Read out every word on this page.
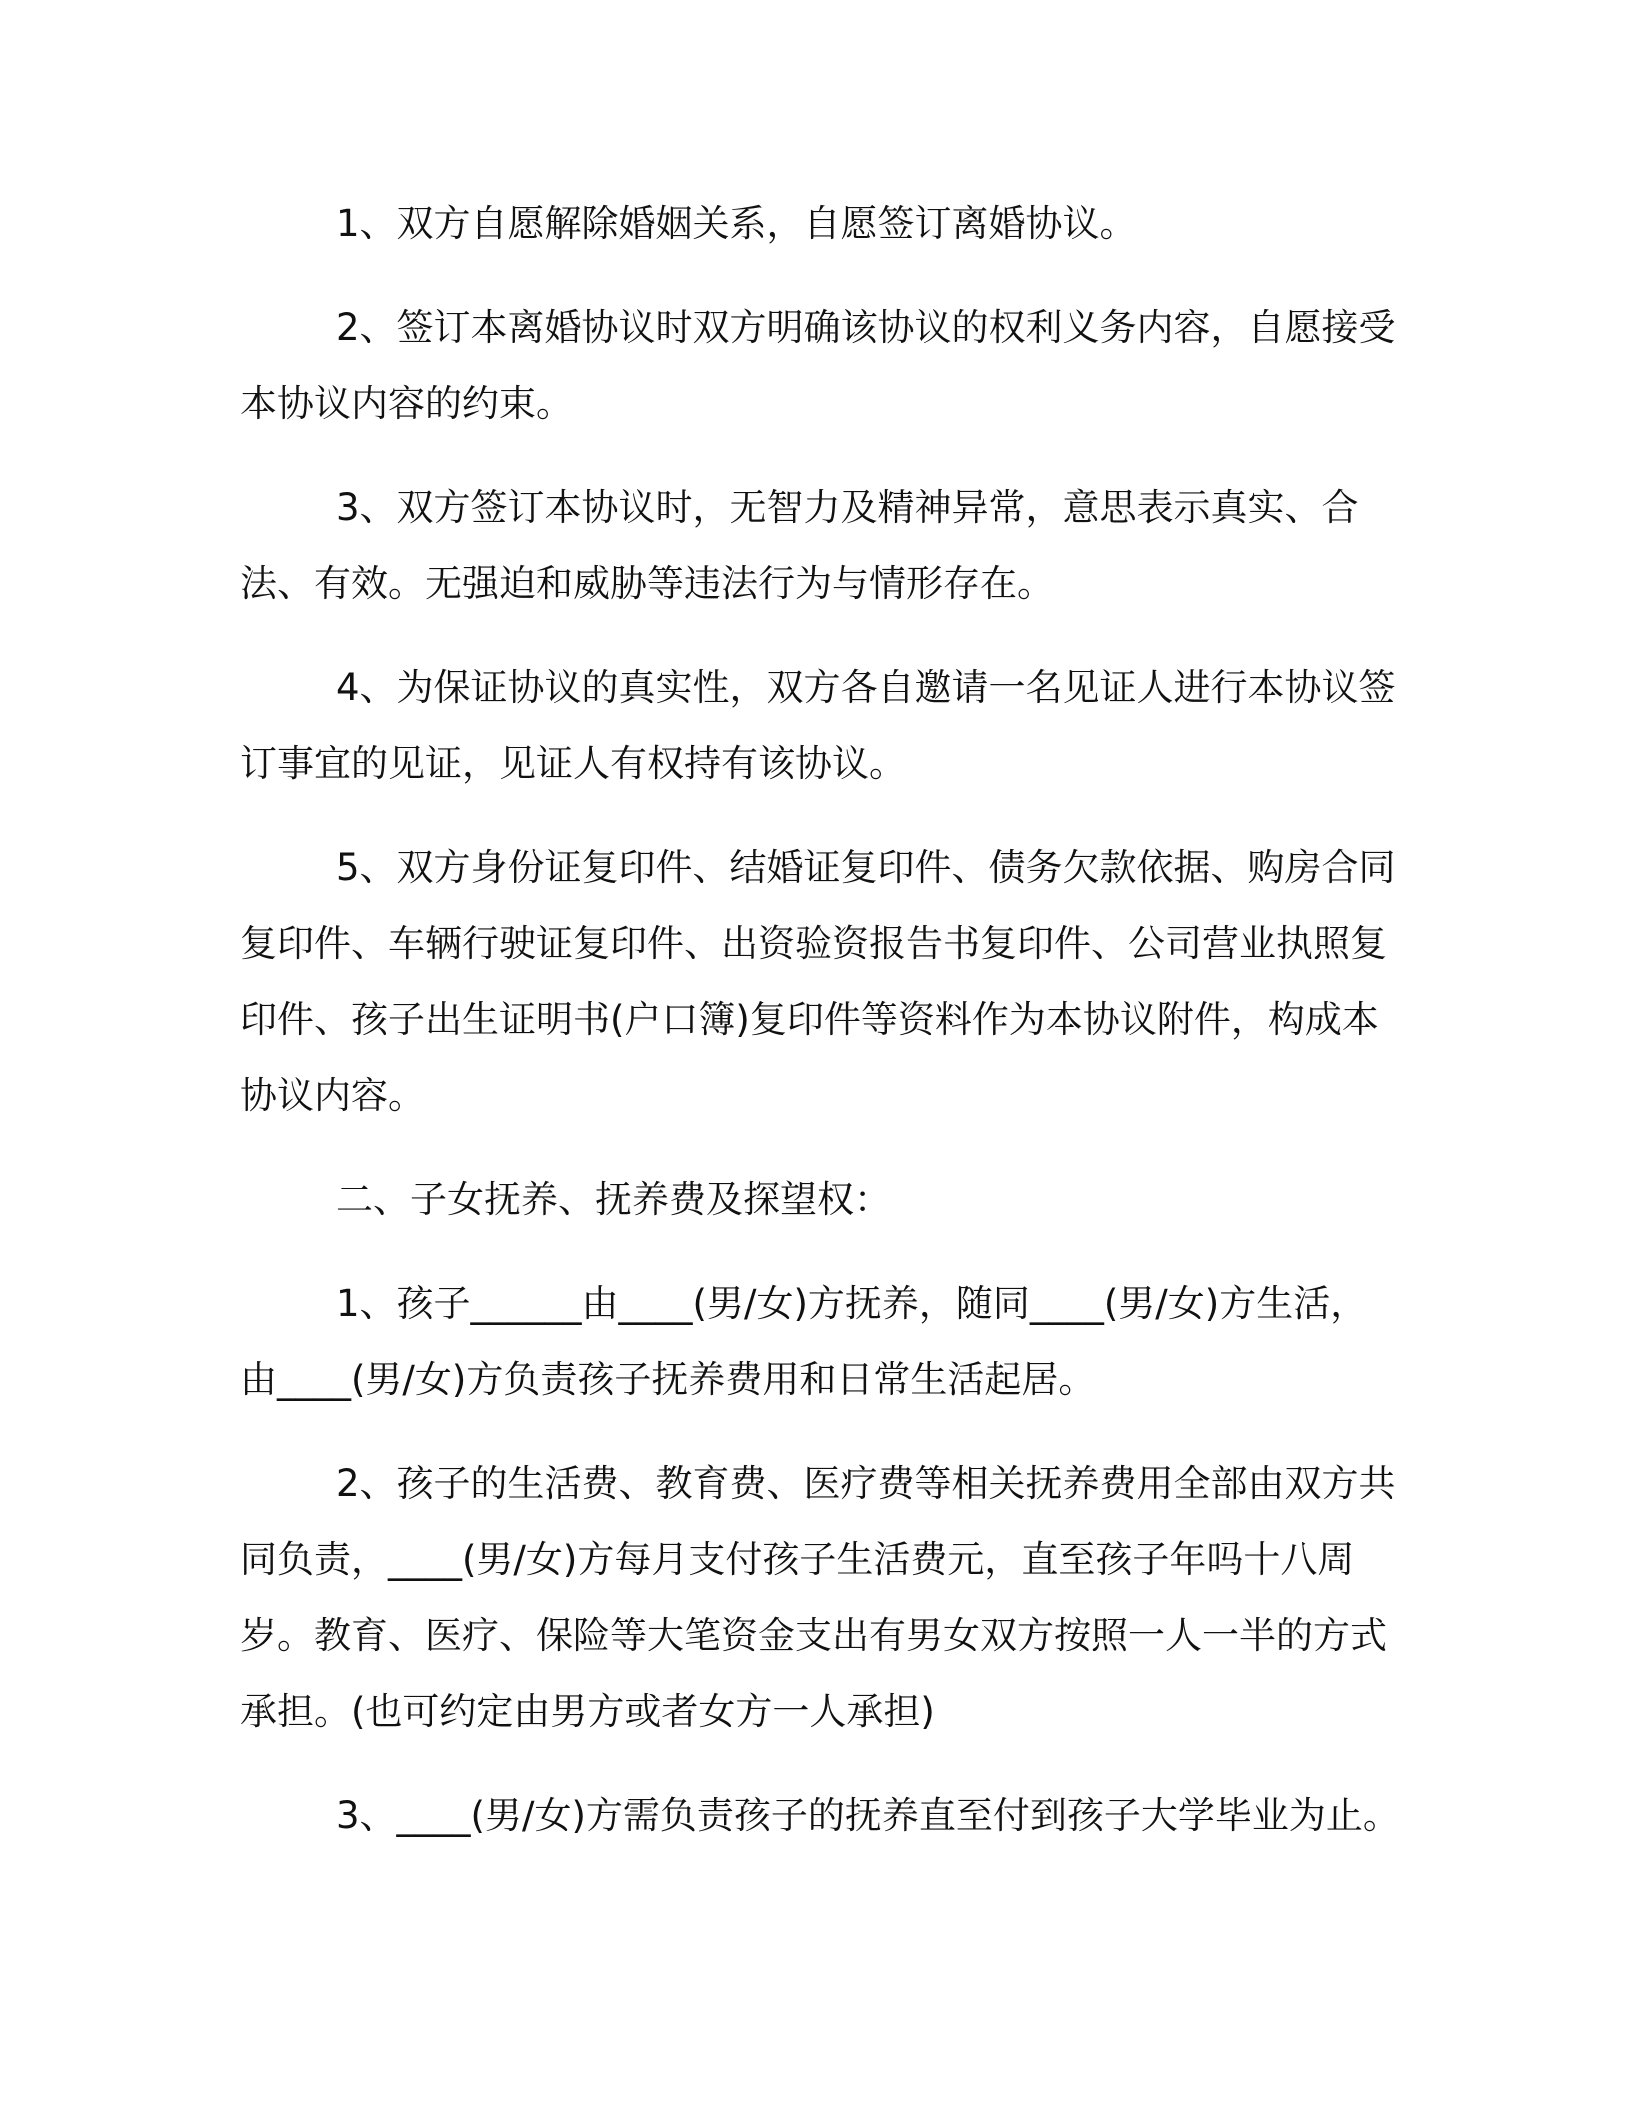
1、双方自愿解除婚姻关系，自愿签订离婚协议。

2、签订本离婚协议时双方明确该协议的权利义务内容，自愿接受本协议内容的约束。

3、双方签订本协议时，无智力及精神异常，意思表示真实、合法、有效。无强迫和威胁等违法行为与情形存在。

4、为保证协议的真实性，双方各自邀请一名见证人进行本协议签订事宜的见证，见证人有权持有该协议。

5、双方身份证复印件、结婚证复印件、债务欠款依据、购房合同复印件、车辆行驶证复印件、出资验资报告书复印件、公司营业执照复印件、孩子出生证明书(户口簿)复印件等资料作为本协议附件，构成本协议内容。

二、子女抚养、抚养费及探望权：

1、孩子______由____(男/女)方抚养，随同____(男/女)方生活，由____(男/女)方负责孩子抚养费用和日常生活起居。

2、孩子的生活费、教育费、医疗费等相关抚养费用全部由双方共同负责，____(男/女)方每月支付孩子生活费元，直至孩子年吗十八周岁。教育、医疗、保险等大笔资金支出有男女双方按照一人一半的方式承担。(也可约定由男方或者女方一人承担)

3、____(男/女)方需负责孩子的抚养直至付到孩子大学毕业为止。
